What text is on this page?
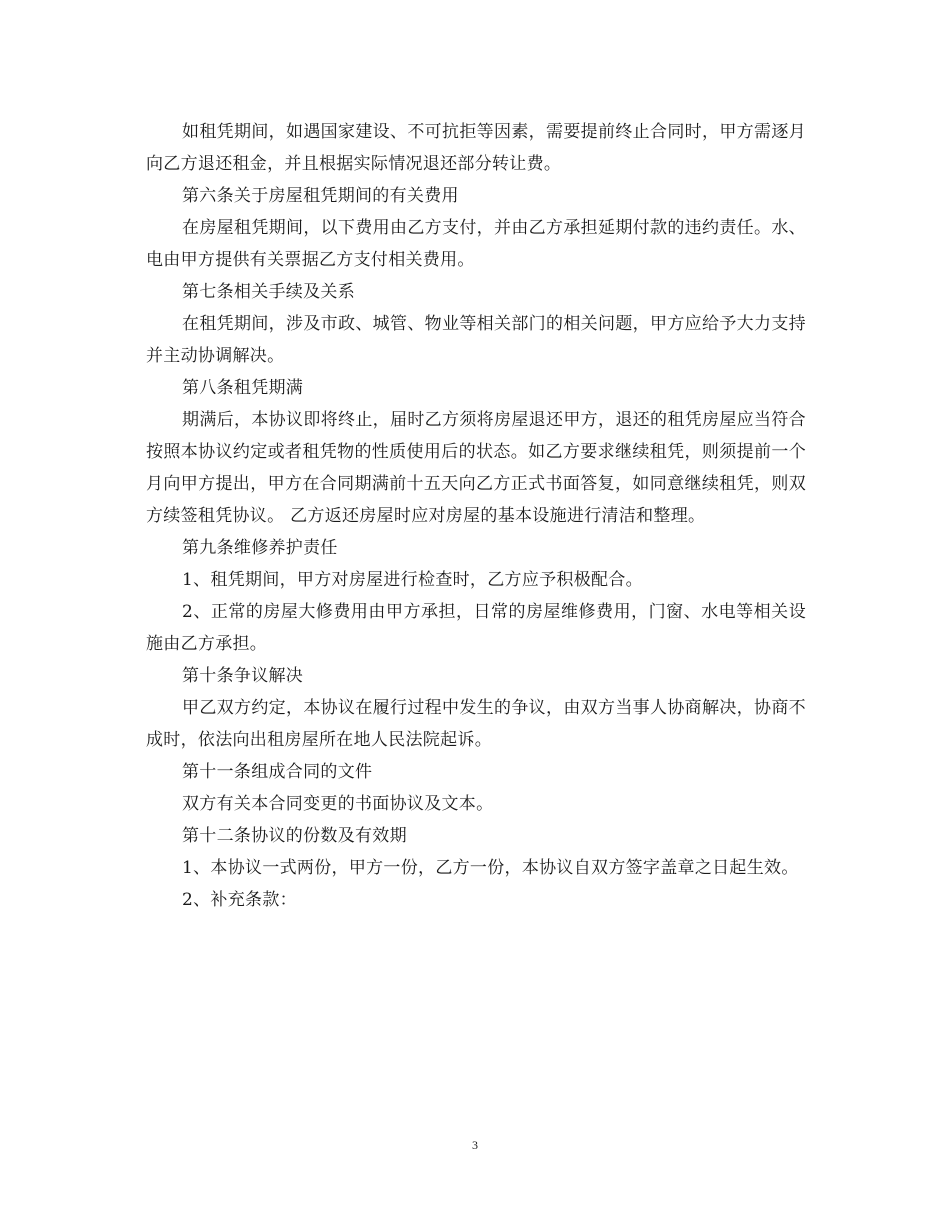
如租凭期间，如遇国家建设、不可抗拒等因素，需要提前终止合同时，甲方需逐月向乙方退还租金，并且根据实际情况退还部分转让费。

第六条关于房屋租凭期间的有关费用

在房屋租凭期间，以下费用由乙方支付，并由乙方承担延期付款的违约责任。水、电由甲方提供有关票据乙方支付相关费用。

第七条相关手续及关系

在租凭期间，涉及市政、城管、物业等相关部门的相关问题，甲方应给予大力支持并主动协调解决。

第八条租凭期满

期满后，本协议即将终止，届时乙方须将房屋退还甲方，退还的租凭房屋应当符合按照本协议约定或者租凭物的性质使用后的状态。如乙方要求继续租凭，则须提前一个月向甲方提出，甲方在合同期满前十五天向乙方正式书面答复，如同意继续租凭，则双方续签租凭协议。 乙方返还房屋时应对房屋的基本设施进行清洁和整理。

第九条维修养护责任

1、租凭期间，甲方对房屋进行检查时，乙方应予积极配合。

2、正常的房屋大修费用由甲方承担，日常的房屋维修费用，门窗、水电等相关设施由乙方承担。

第十条争议解决

甲乙双方约定，本协议在履行过程中发生的争议，由双方当事人协商解决，协商不成时，依法向出租房屋所在地人民法院起诉。

第十一条组成合同的文件

双方有关本合同变更的书面协议及文本。

第十二条协议的份数及有效期

1、本协议一式两份，甲方一份，乙方一份，本协议自双方签字盖章之日起生效。

2、补充条款：

3
